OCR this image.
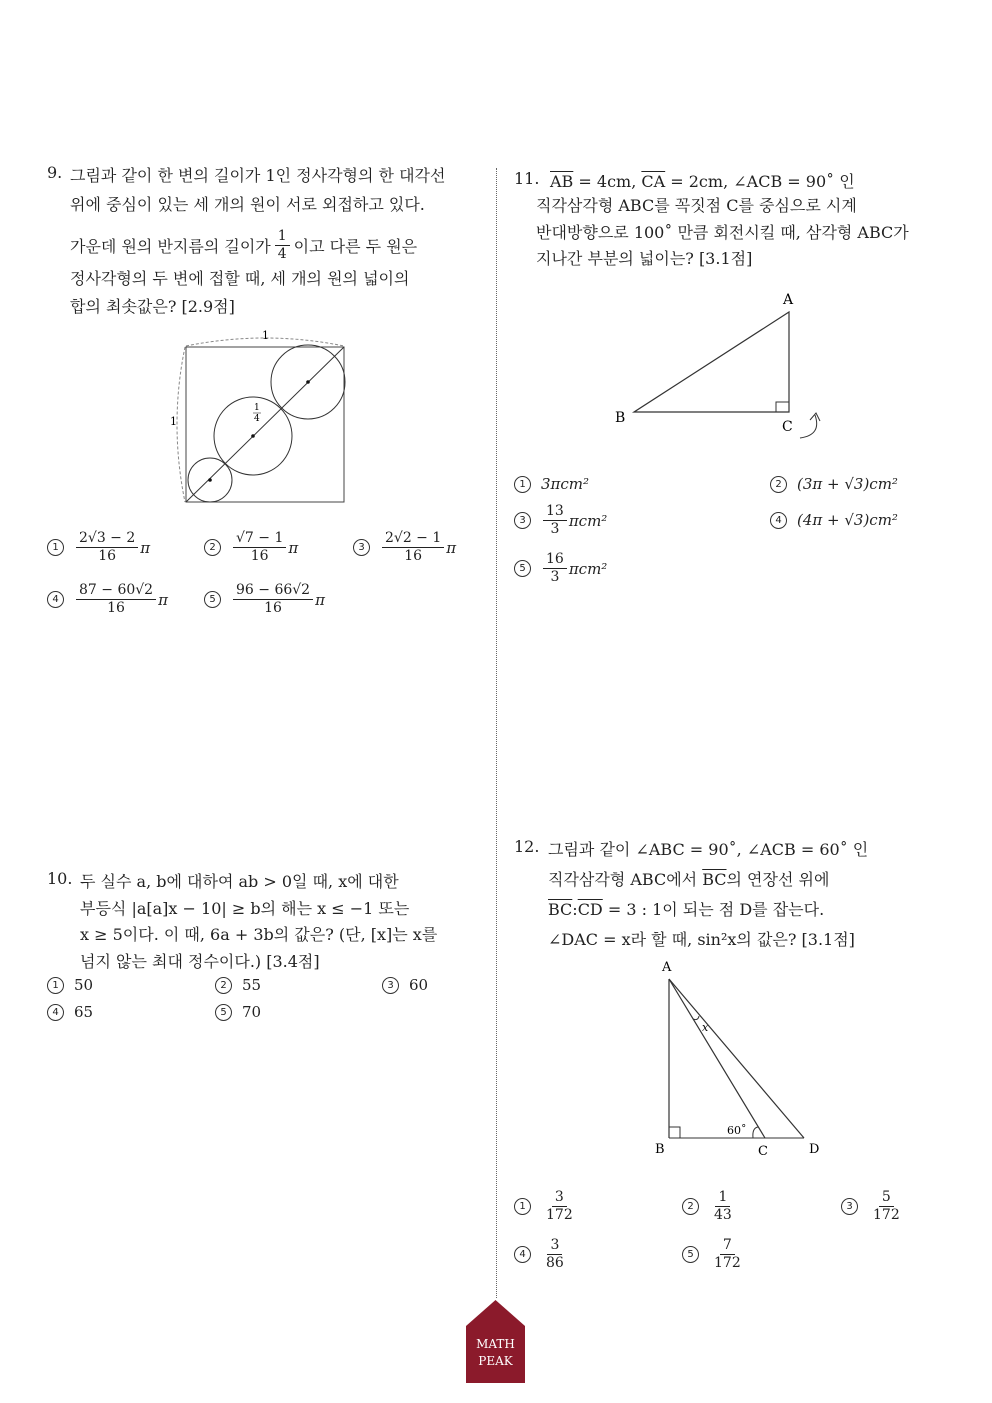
9. 그림과 같이 한 변의 길이가 1인 정사각형의 한 대각선
위에 중심이 있는 세 개의 원이 서로 외접하고 있다.
가운데 원의 반지름의 길이가 $\frac{1}{4}$ 이고 다른 두 원은
정사각형의 두 변에 접할 때, 세 개의 원의 넓이의
합의 최솟값은? [2.9점]
1
1
1
4
1	$\frac{2√3 - 2}{16}$ π	2	$\frac{√7 - 1}{16}$ π	3	$\frac{2√2 - 1}{16}$ π
4	$\frac{87 - 60√2}{16}$ π	5	$\frac{96 - 66√2}{16}$ π
10. 두 실수 a, b에 대하여 ab > 0일 때, x에 대한
부등식 |a[a]x − 10| ≥ b의 해는 x ≤ −1 또는
x ≥ 5이다. 이 때, 6a + 3b의 값은? (단, [x]는 x를
넘지 않는 최대 정수이다.) [3.4점]
1	50	2	55	3	60
4	65	5	70
11. $\overline{AB} = 4cm$, $\overline{CA} = 2cm$, ∠ACB = 90˚ 인
직각삼각형 ABC를 꼭짓점 C를 중심으로 시계
반대방향으로 100˚ 만큼 회전시킬 때, 삼각형 ABC가
지나간 부분의 넓이는? [3.1점]
A
B
C
1	3πcm²	2	(3π + √3)cm²
3	$\frac{13}{3} \pi cm^2$	4	(4π + √3)cm²
5	$\frac{16}{3} \pi cm^2$
12. 그림과 같이 ∠ABC = 90˚, ∠ACB = 60˚ 인
직각삼각형 ABC에서 $\overline{BC}$의 연장선 위에
$\overline{BC}:\overline{CD} = 3$ : 1이 되는 점 D를 잡는다.
∠DAC = x라 할 때, sin²x의 값은? [3.1점]
A
B	C	D
x
60˚
1	$\frac{3}{172}$	2	$\frac{1}{43}$	3	$\frac{5}{172}$
4	$\frac{3}{86}$	5	$\frac{7}{172}$
MATH
PEAK
